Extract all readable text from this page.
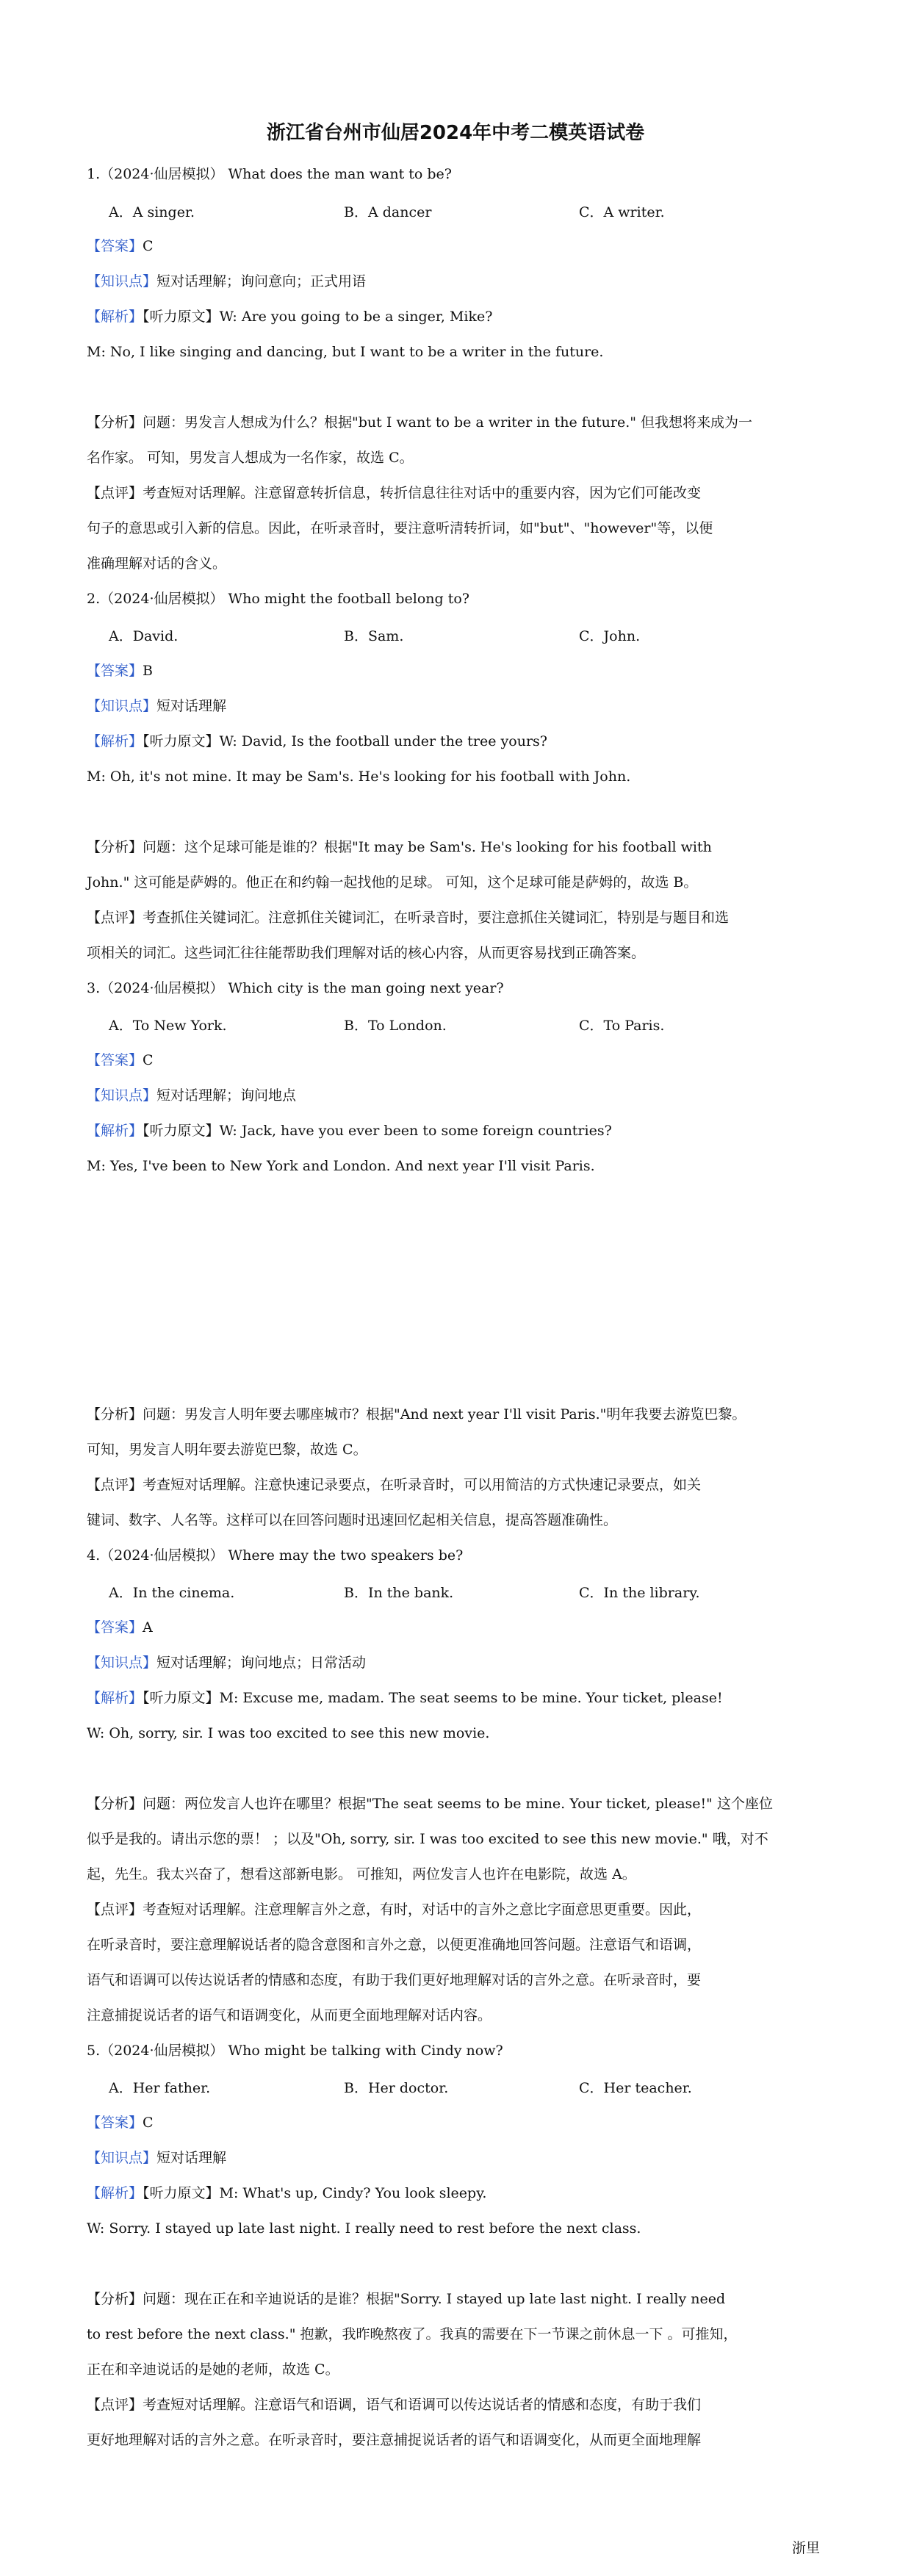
浙江省台州市仙居2024年中考二模英语试卷
1.（2024·仙居模拟） What does the man want to be?
A．A singer.	B．A dancer	C．A writer.
【答案】C
【知识点】短对话理解；询问意向；正式用语
【解析】【听力原文】W: Are you going to be a singer, Mike?
M: No, I like singing and dancing, but I want to be a writer in the future.
【分析】问题：男发言人想成为什么？根据"but I want to be a writer in the future." 但我想将来成为一
名作家。 可知，男发言人想成为一名作家，故选 C。
【点评】考查短对话理解。注意留意转折信息，转折信息往往对话中的重要内容，因为它们可能改变
句子的意思或引入新的信息。因此，在听录音时，要注意听清转折词，如"but"、"however"等，以便
准确理解对话的含义。
2.（2024·仙居模拟） Who might the football belong to?
A．David.	B．Sam.	C．John.
【答案】B
【知识点】短对话理解
【解析】【听力原文】W: David, Is the football under the tree yours?
M: Oh, it's not mine. It may be Sam's. He's looking for his football with John.
【分析】问题：这个足球可能是谁的？根据"It may be Sam's. He's looking for his football with
John." 这可能是萨姆的。他正在和约翰一起找他的足球。 可知，这个足球可能是萨姆的，故选 B。
【点评】考查抓住关键词汇。注意抓住关键词汇，在听录音时，要注意抓住关键词汇，特别是与题目和选
项相关的词汇。这些词汇往往能帮助我们理解对话的核心内容，从而更容易找到正确答案。
3.（2024·仙居模拟） Which city is the man going next year?
A．To New York.	B．To London.	C．To Paris.
【答案】C
【知识点】短对话理解；询问地点
【解析】【听力原文】W: Jack, have you ever been to some foreign countries?
M: Yes, I've been to New York and London. And next year I'll visit Paris.
【分析】问题：男发言人明年要去哪座城市？根据"And next year I'll visit Paris."明年我要去游览巴黎。
可知，男发言人明年要去游览巴黎，故选 C。
【点评】考查短对话理解。注意快速记录要点，在听录音时，可以用简洁的方式快速记录要点，如关
键词、数字、人名等。这样可以在回答问题时迅速回忆起相关信息，提高答题准确性。
4.（2024·仙居模拟） Where may the two speakers be?
A．In the cinema.	B．In the bank.	C．In the library.
【答案】A
【知识点】短对话理解；询问地点；日常活动
【解析】【听力原文】M: Excuse me, madam. The seat seems to be mine. Your ticket, please!
W: Oh, sorry, sir. I was too excited to see this new movie.
【分析】问题：两位发言人也许在哪里？根据"The seat seems to be mine. Your ticket, please!" 这个座位
似乎是我的。请出示您的票！ ；以及"Oh, sorry, sir. I was too excited to see this new movie." 哦，对不
起，先生。我太兴奋了，想看这部新电影。 可推知，两位发言人也许在电影院，故选 A。
【点评】考查短对话理解。注意理解言外之意，有时，对话中的言外之意比字面意思更重要。因此，
在听录音时，要注意理解说话者的隐含意图和言外之意，以便更准确地回答问题。注意语气和语调，
语气和语调可以传达说话者的情感和态度，有助于我们更好地理解对话的言外之意。在听录音时，要
注意捕捉说话者的语气和语调变化，从而更全面地理解对话内容。
5.（2024·仙居模拟） Who might be talking with Cindy now?
A．Her father.	B．Her doctor.	C．Her teacher.
【答案】C
【知识点】短对话理解
【解析】【听力原文】M: What's up, Cindy? You look sleepy.
W: Sorry. I stayed up late last night. I really need to rest before the next class.
【分析】问题：现在正在和辛迪说话的是谁？根据"Sorry. I stayed up late last night. I really need
to rest before the next class." 抱歉，我昨晚熬夜了。我真的需要在下一节课之前休息一下 。可推知，
正在和辛迪说话的是她的老师，故选 C。
【点评】考查短对话理解。注意语气和语调，语气和语调可以传达说话者的情感和态度，有助于我们
更好地理解对话的言外之意。在听录音时，要注意捕捉说话者的语气和语调变化，从而更全面地理解
浙里
